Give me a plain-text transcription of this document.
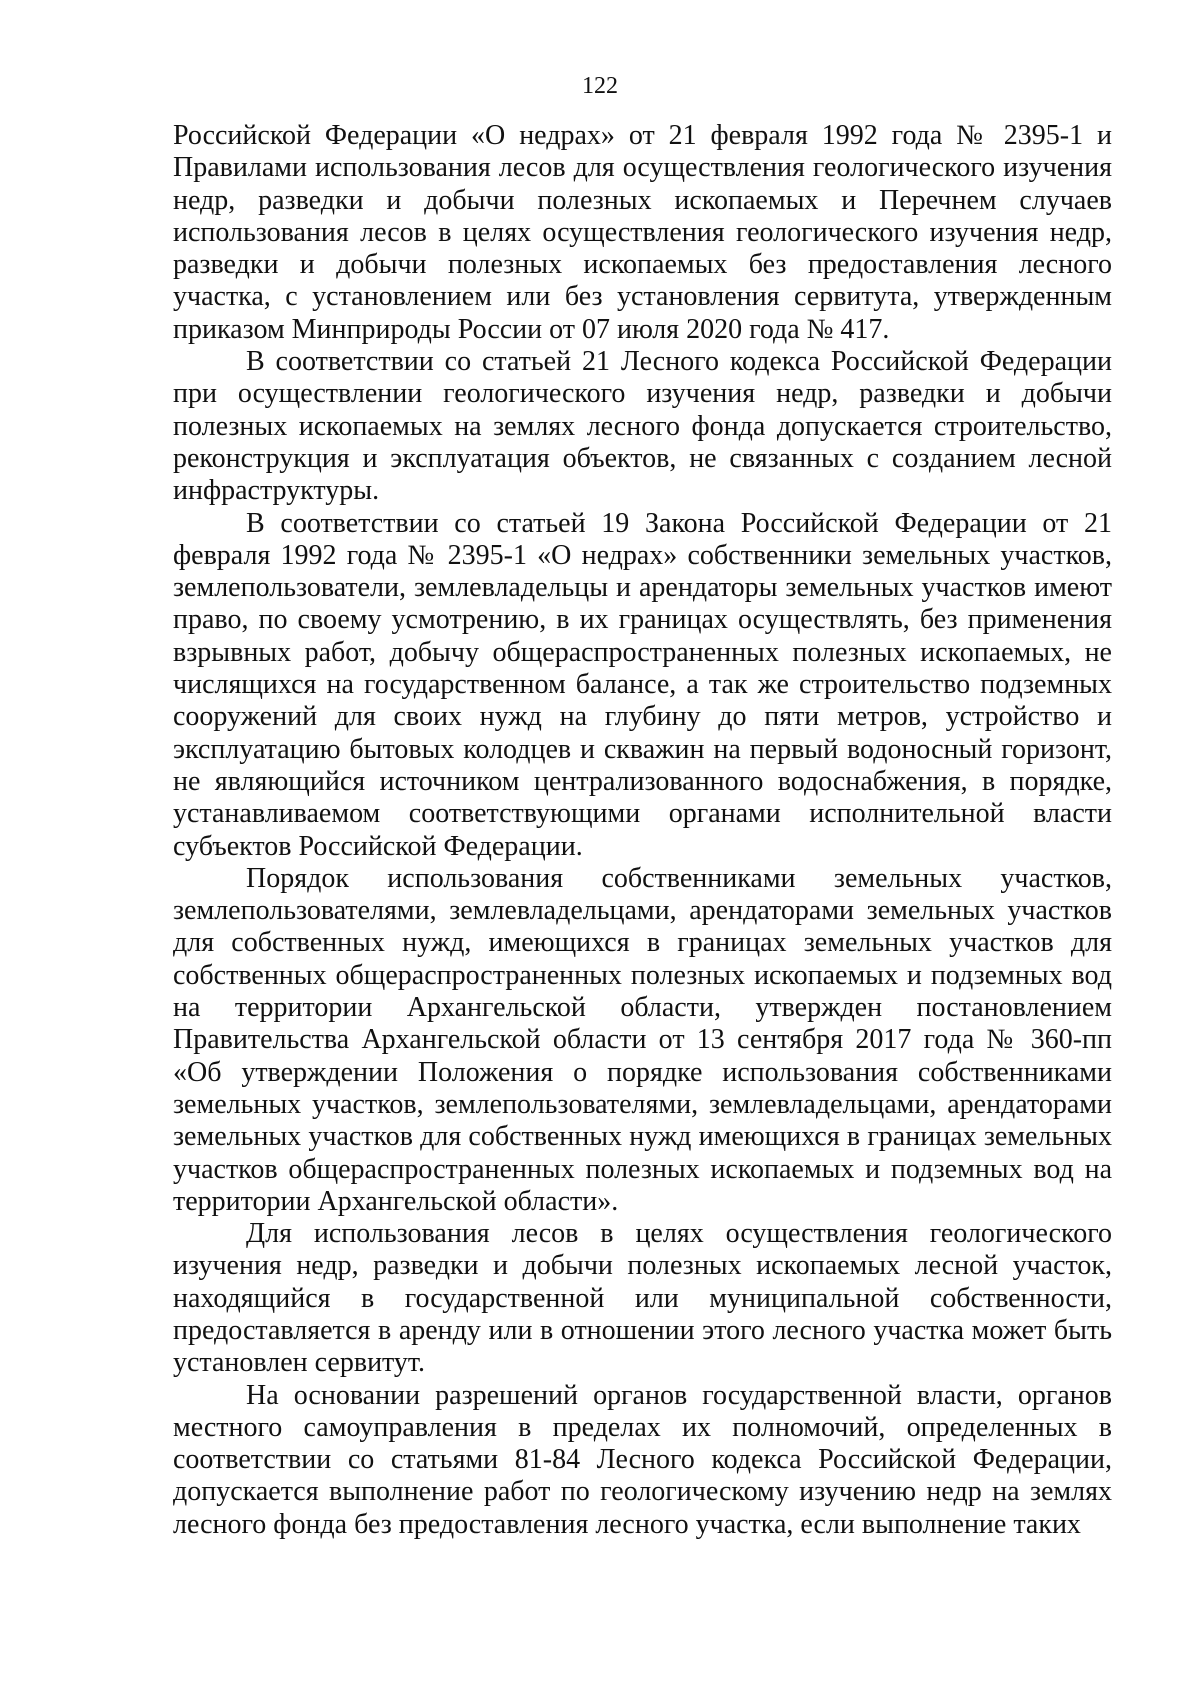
122

Российской Федерации «О недрах» от 21 февраля 1992 года № 2395-1 и Правилами использования лесов для осуществления геологического изучения недр, разведки и добычи полезных ископаемых и Перечнем случаев использования лесов в целях осуществления геологического изучения недр, разведки и добычи полезных ископаемых без предоставления лесного участка, с установлением или без установления сервитута, утвержденным приказом Минприроды России от 07 июля 2020 года № 417.

В соответствии со статьей 21 Лесного кодекса Российской Федерации при осуществлении геологического изучения недр, разведки и добычи полезных ископаемых на землях лесного фонда допускается строительство, реконструкция и эксплуатация объектов, не связанных с созданием лесной инфраструктуры.

В соответствии со статьей 19 Закона Российской Федерации от 21 февраля 1992 года № 2395-1 «О недрах» собственники земельных участков, землепользователи, землевладельцы и арендаторы земельных участков имеют право, по своему усмотрению, в их границах осуществлять, без применения взрывных работ, добычу общераспространенных полезных ископаемых, не числящихся на государственном балансе, а так же строительство подземных сооружений для своих нужд на глубину до пяти метров, устройство и эксплуатацию бытовых колодцев и скважин на первый водоносный горизонт, не являющийся источником централизованного водоснабжения, в порядке, устанавливаемом соответствующими органами исполнительной власти субъектов Российской Федерации.

Порядок использования собственниками земельных участков, землепользователями, землевладельцами, арендаторами земельных участков для собственных нужд, имеющихся в границах земельных участков для собственных общераспространенных полезных ископаемых и подземных вод на территории Архангельской области, утвержден постановлением Правительства Архангельской области от 13 сентября 2017 года № 360-пп «Об утверждении Положения о порядке использования собственниками земельных участков, землепользователями, землевладельцами, арендаторами земельных участков для собственных нужд имеющихся в границах земельных участков общераспространенных полезных ископаемых и подземных вод на территории Архангельской области».

Для использования лесов в целях осуществления геологического изучения недр, разведки и добычи полезных ископаемых лесной участок, находящийся в государственной или муниципальной собственности, предоставляется в аренду или в отношении этого лесного участка может быть установлен сервитут.

На основании разрешений органов государственной власти, органов местного самоуправления в пределах их полномочий, определенных в соответствии со статьями 81-84 Лесного кодекса Российской Федерации, допускается выполнение работ по геологическому изучению недр на землях лесного фонда без предоставления лесного участка, если выполнение таких
